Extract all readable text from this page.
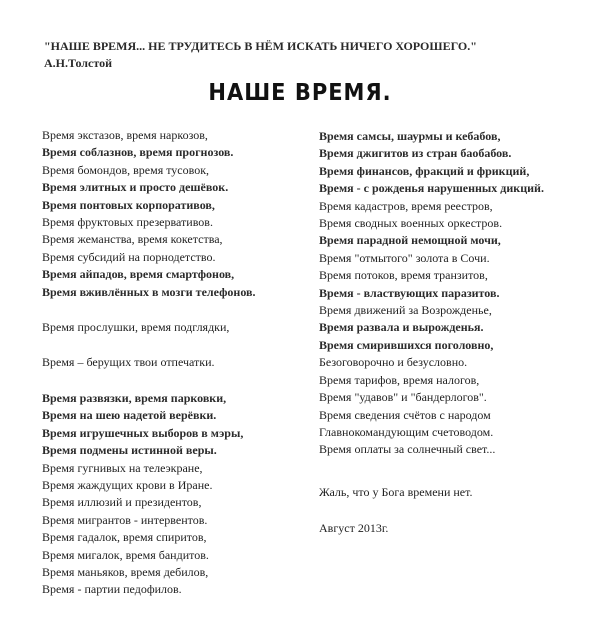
"НАШЕ ВРЕМЯ... НЕ ТРУДИТЕСЬ В НЁМ ИСКАТЬ НИЧЕГО ХОРОШЕГО."
А.Н.Толстой
НАШЕ ВРЕМЯ.
Время экстазов, время наркозов,
Время соблазнов, время прогнозов.
Время бомондов, время тусовок,
Время элитных и просто дешёвок.
Время понтовых корпоративов,
Время фруктовых презервативов.
Время жеманства, время кокетства,
Время субсидий на порнодетство.
Время айпадов, время смартфонов,
Время вживлённых в мозги телефонов.
Время прослушки, время подглядки,
Время – берущих твои отпечатки.
Время развязки, время парковки,
Время на шею надетой верёвки.
Время игрушечных выборов в мэры,
Время подмены истинной веры.
Время гугнивых на телеэкране,
Время жаждущих крови в Иране.
Время иллюзий и президентов,
Время мигрантов - интервентов.
Время гадалок, время спиритов,
Время мигалок, время бандитов.
Время маньяков, время дебилов,
Время - партии педофилов.
Время самсы, шаурмы и кебабов,
Время джигитов из стран баобабов.
Время финансов, фракций и фрикций,
Время - с рожденья нарушенных дикций.
Время кадастров, время реестров,
Время сводных военных оркестров.
Время парадной немощной мочи,
Время "отмытого" золота в Сочи.
Время потоков, время транзитов,
Время - властвующих паразитов.
Время движений за Возрожденье,
Время развала и вырожденья.
Время смирившихся поголовно,
Безоговорочно и безусловно.
Время тарифов, время налогов,
Время "удавов" и "бандерлогов".
Время сведения счётов с народом
Главнокомандующим счетоводом.
Время оплаты за солнечный свет...
Жаль, что у Бога времени нет.
Август 2013г.
